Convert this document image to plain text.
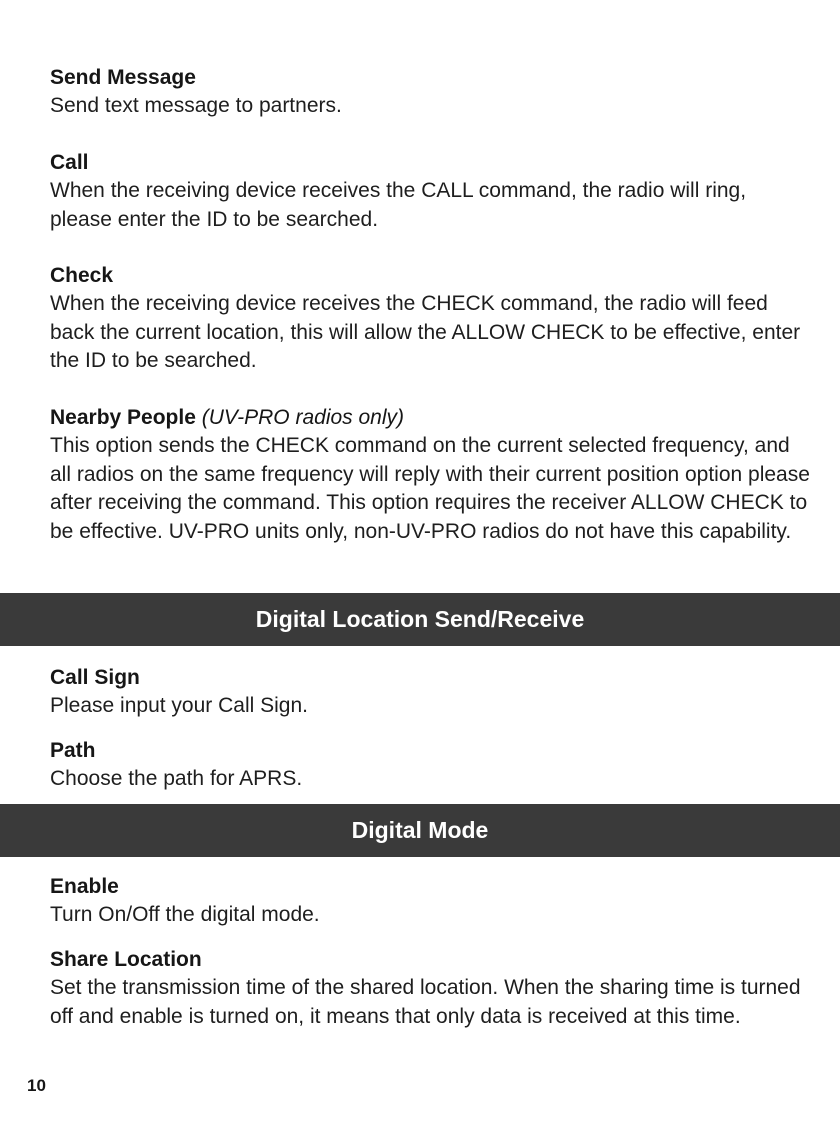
Send Message

Send text message to partners.

Call

When the receiving device receives the CALL command, the radio will ring, please enter the ID to be searched.

Check

When the receiving device receives the CHECK command, the radio will feed back the current location, this will allow the ALLOW CHECK to be effective, enter the ID to be searched.

Nearby People (UV-PRO radios only)

This option sends the CHECK command on the current selected frequency, and all radios on the same frequency will reply with their current position option please after receiving the command. This option requires the receiver ALLOW CHECK to be effective. UV-PRO units only, non-UV-PRO radios do not have this capability.

Digital Location Send/Receive

Call Sign

Please input your Call Sign.

Path

Choose the path for APRS.

Digital Mode

Enable

Turn On/Off the digital mode.

Share Location

Set the transmission time of the shared location. When the sharing time is turned off and enable is turned on, it means that only data is received at this time.

10
